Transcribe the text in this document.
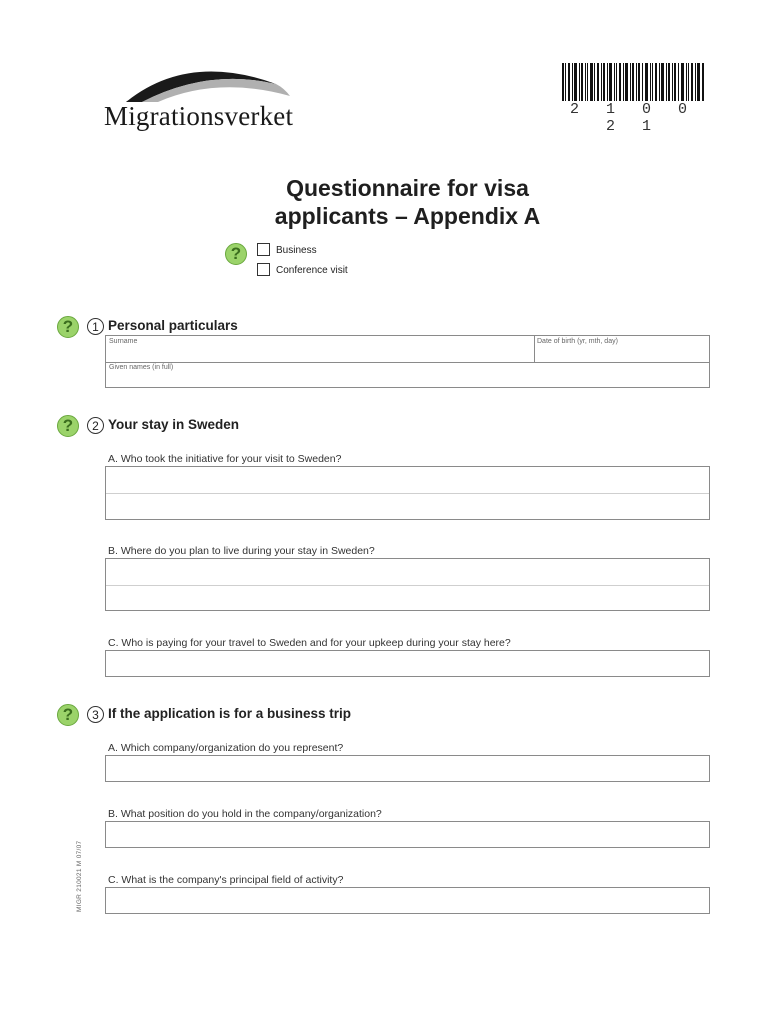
Migrationsverket	2 1 0 0 2 1
Questionnaire for visa
applicants – Appendix A
?	Business
Conference visit
?	1 Personal particulars
Surname	Date of birth (yr, mth, day)
Given names (in full)
?	2 Your stay in Sweden
A. Who took the initiative for your visit to Sweden?
B. Where do you plan to live during your stay in Sweden?
C. Who is paying for your travel to Sweden and for your upkeep during your stay here?
?	3 If the application is for a business trip
A. Which company/organization do you represent?
B. What position do you hold in the company/organization?
C. What is the company's principal field of activity?
MIGR 210021 M 07/07
